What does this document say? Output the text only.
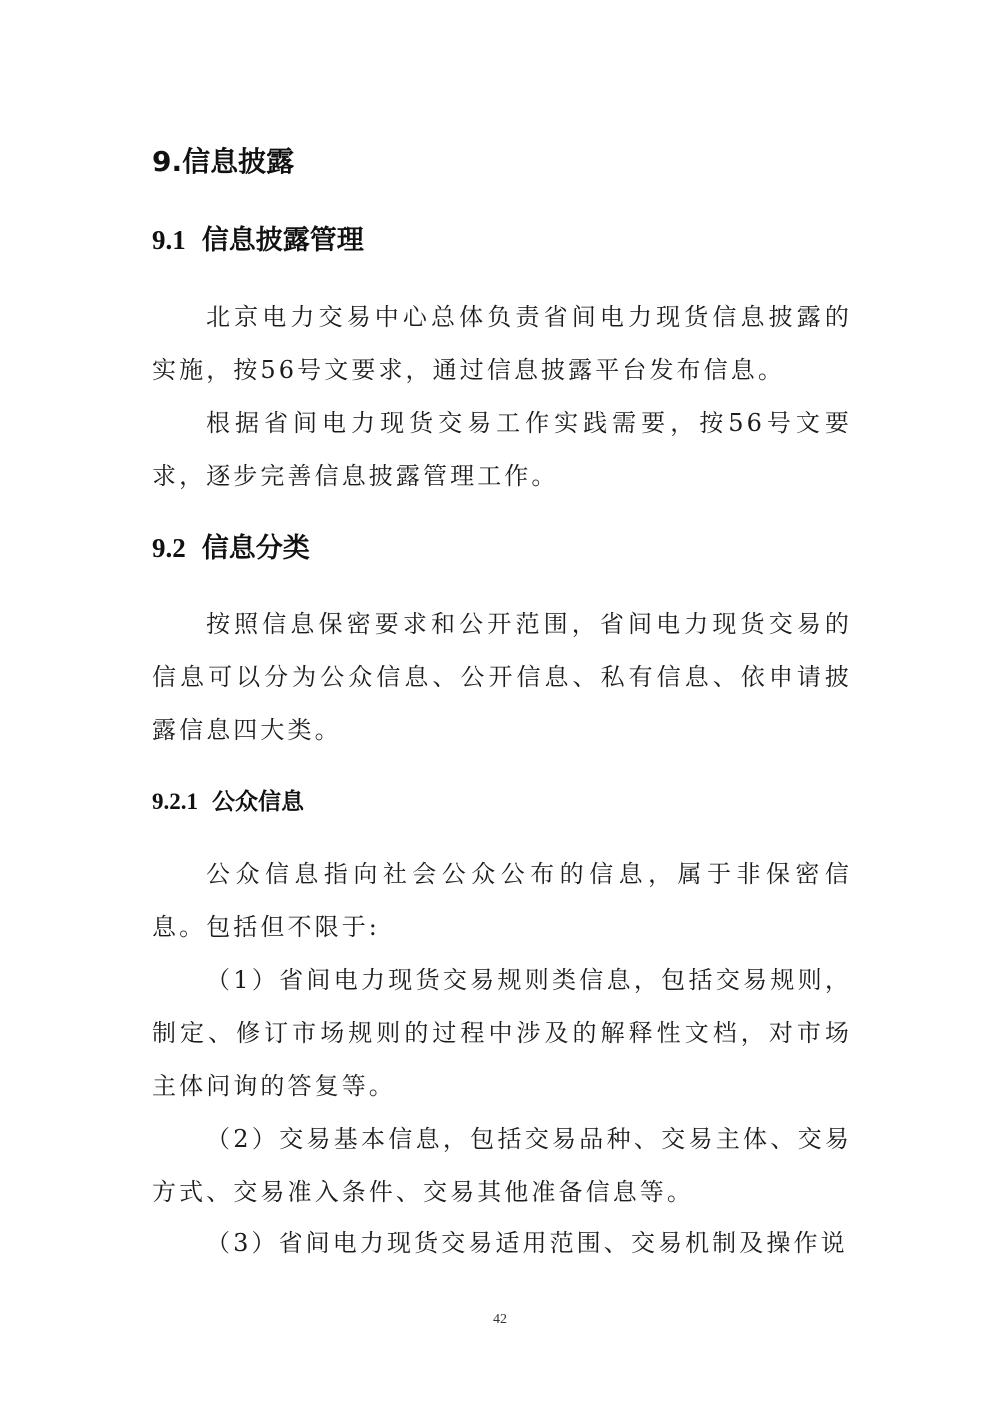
9.信息披露
9.1 信息披露管理

北京电力交易中心总体负责省间电力现货信息披露的实施，按56号文要求，通过信息披露平台发布信息。

根据省间电力现货交易工作实践需要，按56号文要求，逐步完善信息披露管理工作。

9.2 信息分类

按照信息保密要求和公开范围，省间电力现货交易的信息可以分为公众信息、公开信息、私有信息、依申请披露信息四大类。

9.2.1 公众信息

公众信息指向社会公众公布的信息，属于非保密信息。包括但不限于:

（1）省间电力现货交易规则类信息，包括交易规则，制定、修订市场规则的过程中涉及的解释性文档，对市场主体问询的答复等。

（2）交易基本信息，包括交易品种、交易主体、交易方式、交易准入条件、交易其他准备信息等。

（3）省间电力现货交易适用范围、交易机制及操作说

42
